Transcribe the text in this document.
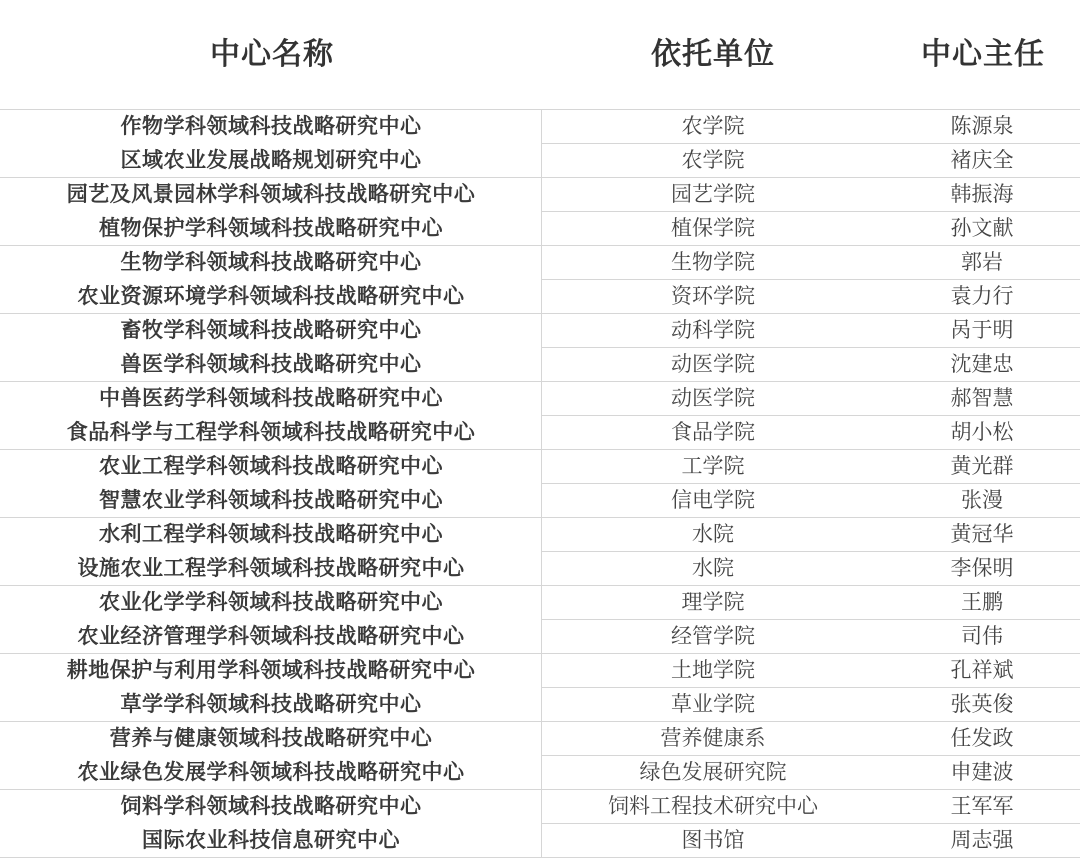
中心名称	依托单位	中心主任
作物学科领域科技战略研究中心	农学院	陈源泉
区域农业发展战略规划研究中心	农学院	褚庆全
园艺及风景园林学科领域科技战略研究中心	园艺学院	韩振海
植物保护学科领域科技战略研究中心	植保学院	孙文献
生物学科领域科技战略研究中心	生物学院	郭岩
农业资源环境学科领域科技战略研究中心	资环学院	袁力行
畜牧学科领域科技战略研究中心	动科学院	呙于明
兽医学科领域科技战略研究中心	动医学院	沈建忠
中兽医药学科领域科技战略研究中心	动医学院	郝智慧
食品科学与工程学科领域科技战略研究中心	食品学院	胡小松
农业工程学科领域科技战略研究中心	工学院	黄光群
智慧农业学科领域科技战略研究中心	信电学院	张漫
水利工程学科领域科技战略研究中心	水院	黄冠华
设施农业工程学科领域科技战略研究中心	水院	李保明
农业化学学科领域科技战略研究中心	理学院	王鹏
农业经济管理学科领域科技战略研究中心	经管学院	司伟
耕地保护与利用学科领域科技战略研究中心	土地学院	孔祥斌
草学学科领域科技战略研究中心	草业学院	张英俊
营养与健康领域科技战略研究中心	营养健康系	任发政
农业绿色发展学科领域科技战略研究中心	绿色发展研究院	申建波
饲料学科领域科技战略研究中心	饲料工程技术研究中心	王军军
国际农业科技信息研究中心	图书馆	周志强
